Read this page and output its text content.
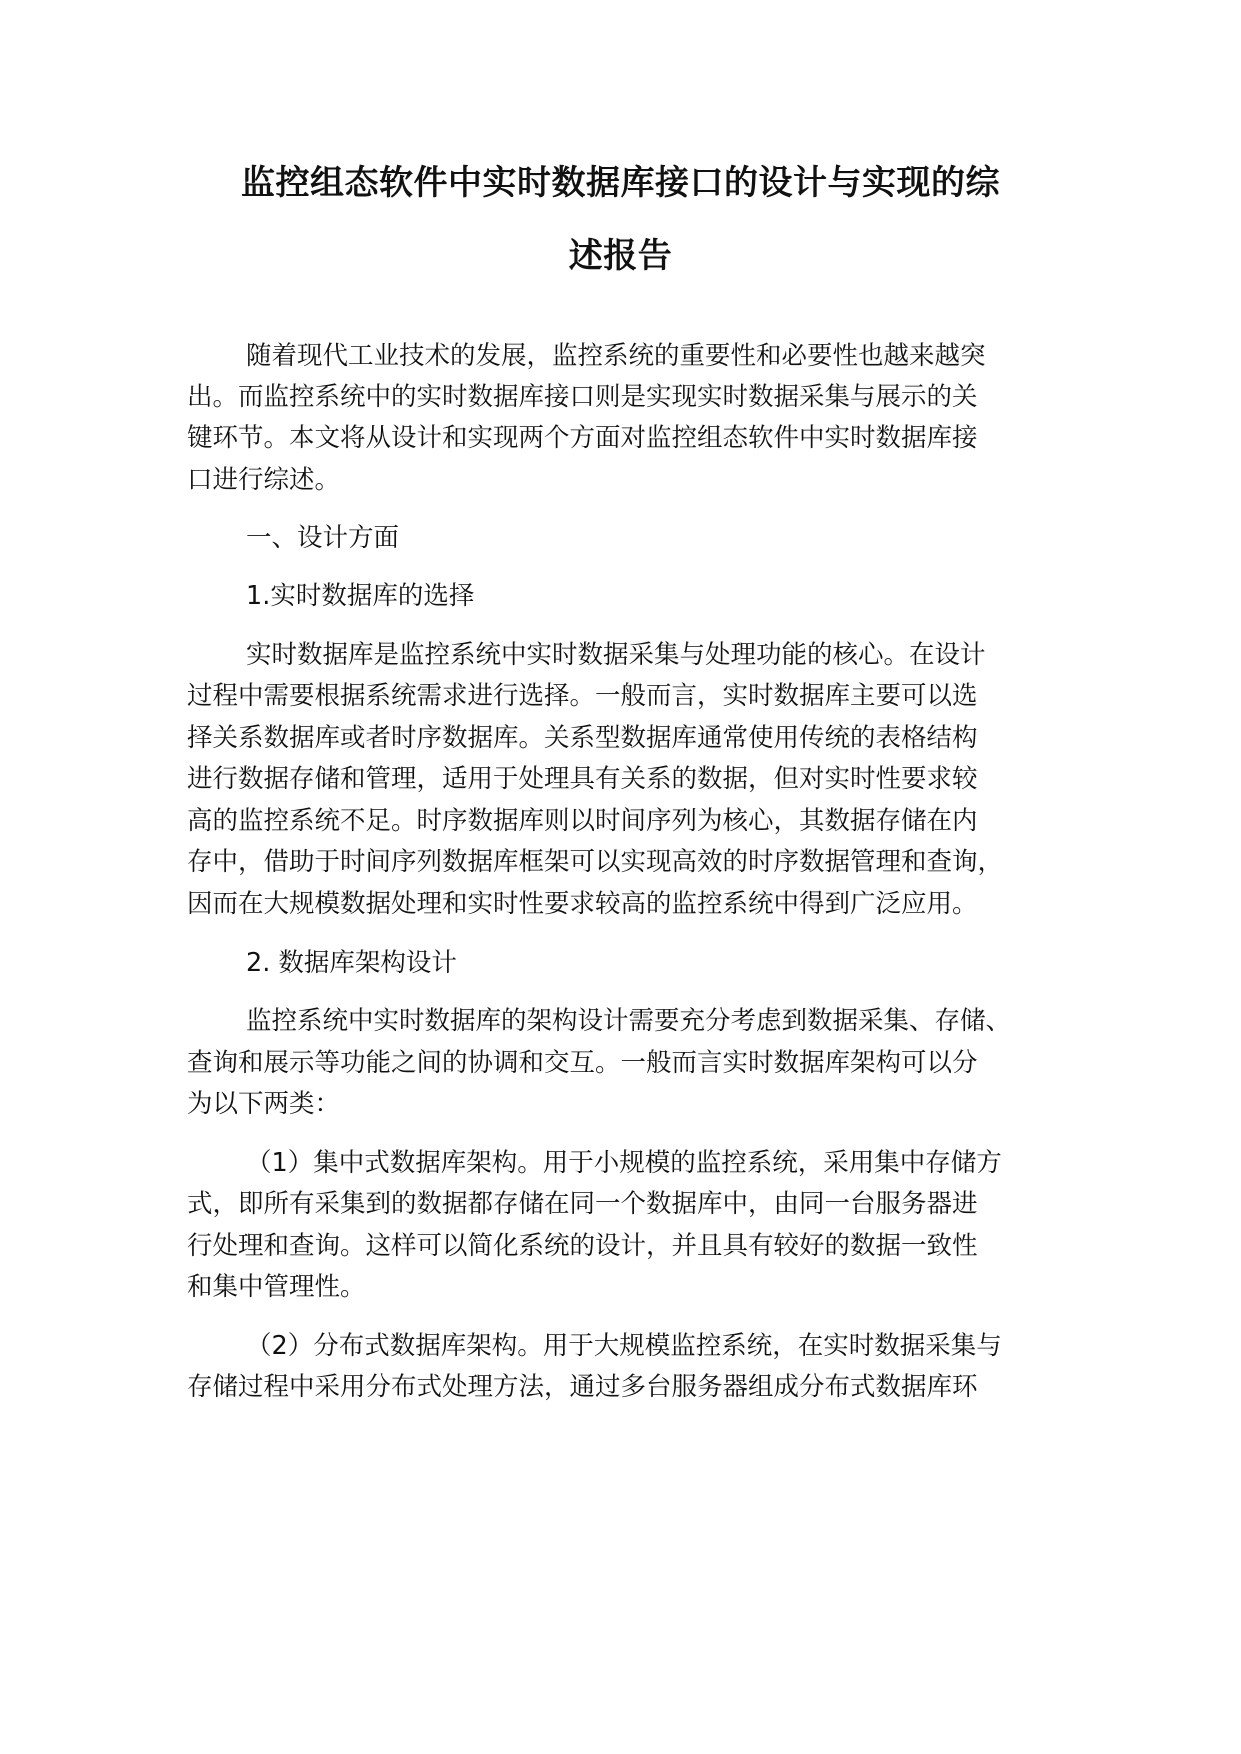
监控组态软件中实时数据库接口的设计与实现的综
述报告
随着现代工业技术的发展，监控系统的重要性和必要性也越来越突
出。而监控系统中的实时数据库接口则是实现实时数据采集与展示的关
键环节。本文将从设计和实现两个方面对监控组态软件中实时数据库接
口进行综述。
一、设计方面
1.实时数据库的选择
实时数据库是监控系统中实时数据采集与处理功能的核心。在设计
过程中需要根据系统需求进行选择。一般而言，实时数据库主要可以选
择关系数据库或者时序数据库。关系型数据库通常使用传统的表格结构
进行数据存储和管理，适用于处理具有关系的数据，但对实时性要求较
高的监控系统不足。时序数据库则以时间序列为核心，其数据存储在内
存中，借助于时间序列数据库框架可以实现高效的时序数据管理和查询，
因而在大规模数据处理和实时性要求较高的监控系统中得到广泛应用。
2. 数据库架构设计
监控系统中实时数据库的架构设计需要充分考虑到数据采集、存储、
查询和展示等功能之间的协调和交互。一般而言实时数据库架构可以分
为以下两类：
（1）集中式数据库架构。用于小规模的监控系统，采用集中存储方
式，即所有采集到的数据都存储在同一个数据库中，由同一台服务器进
行处理和查询。这样可以简化系统的设计，并且具有较好的数据一致性
和集中管理性。
（2）分布式数据库架构。用于大规模监控系统，在实时数据采集与
存储过程中采用分布式处理方法，通过多台服务器组成分布式数据库环
